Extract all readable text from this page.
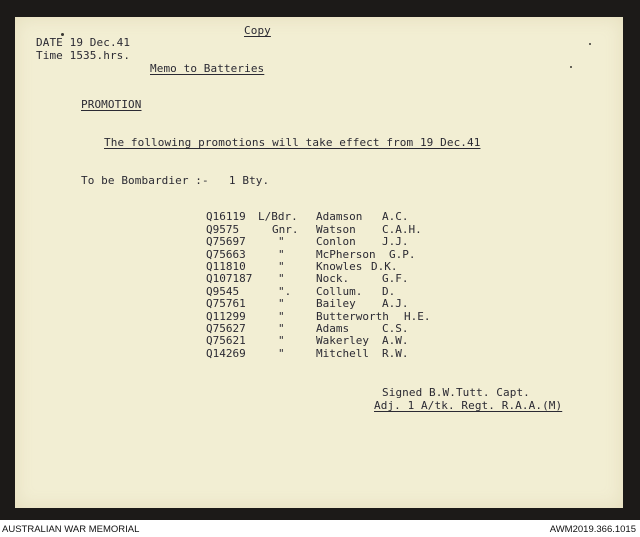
Copy
DATE 19 Dec.41
Time 1535.hrs.
Memo to Batteries
PROMOTION
The following promotions will take effect from 19 Dec.41
To be Bombardier :-   1 Bty.
Q16119 L/Bdr. Adamson A.C.
Q9575	Gnr. Watson C.A.H.
Q75697	"	Conlon J.J.
Q75663	"	McPherson G.P.
Q11810	"	Knowles D.K.
Q107187 "	Nock.	G.F.
Q9545	". Collum. D.
Q75761	"	Bailey A.J.
Q11299	"	Butterworth H.E.
Q75627	"	Adams	C.S.
Q75621	"	Wakerley A.W.
Q14269	"	Mitchell R.W.
Signed B.W.Tutt. Capt.
Adj. 1 A/tk. Regt. R.A.A.(M)
AUSTRALIAN WAR MEMORIAL	AWM2019.366.1015
